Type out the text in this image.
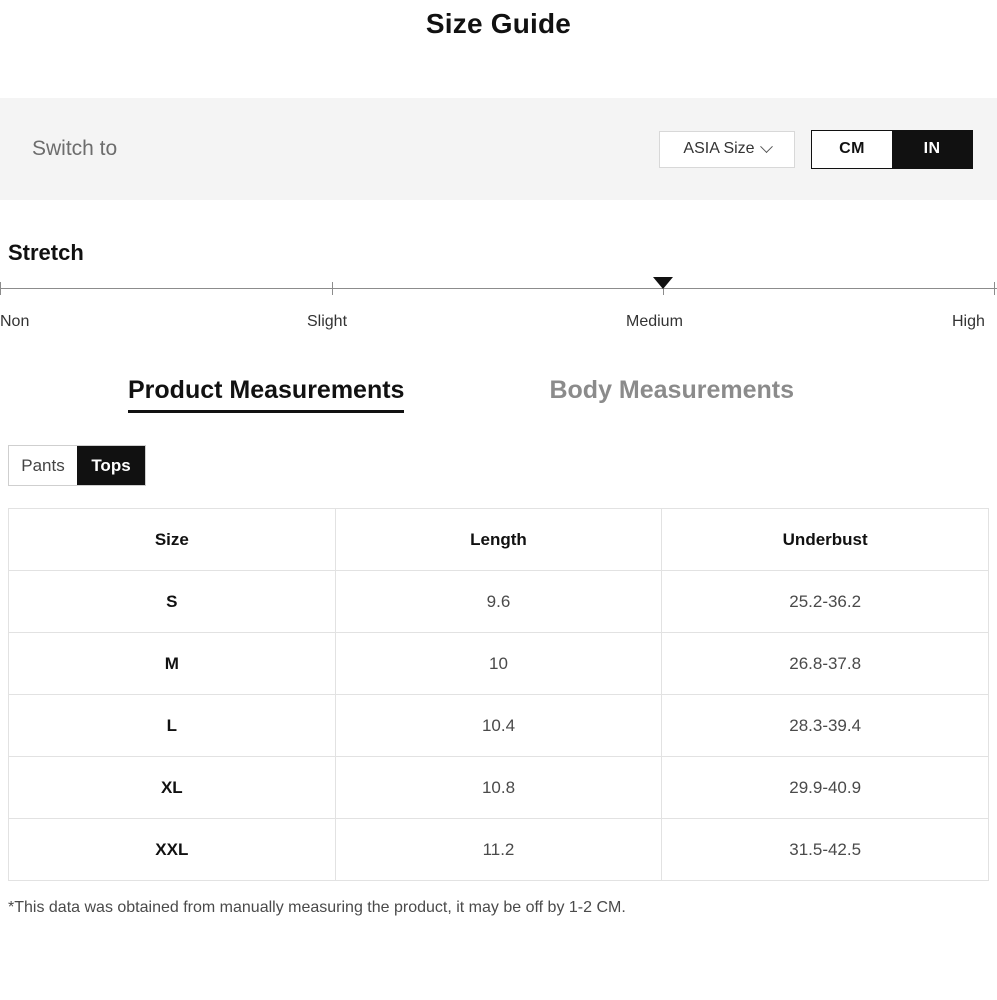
Size Guide
Switch to	ASIA Size	CM	IN
Stretch
Non	Slight	Medium	High
Product Measurements	Body Measurements
Pants	Tops
Size	Length	Underbust
S	9.6	25.2-36.2
M	10	26.8-37.8
L	10.4	28.3-39.4
XL	10.8	29.9-40.9
XXL	11.2	31.5-42.5
*This data was obtained from manually measuring the product, it may be off by 1-2 CM.
